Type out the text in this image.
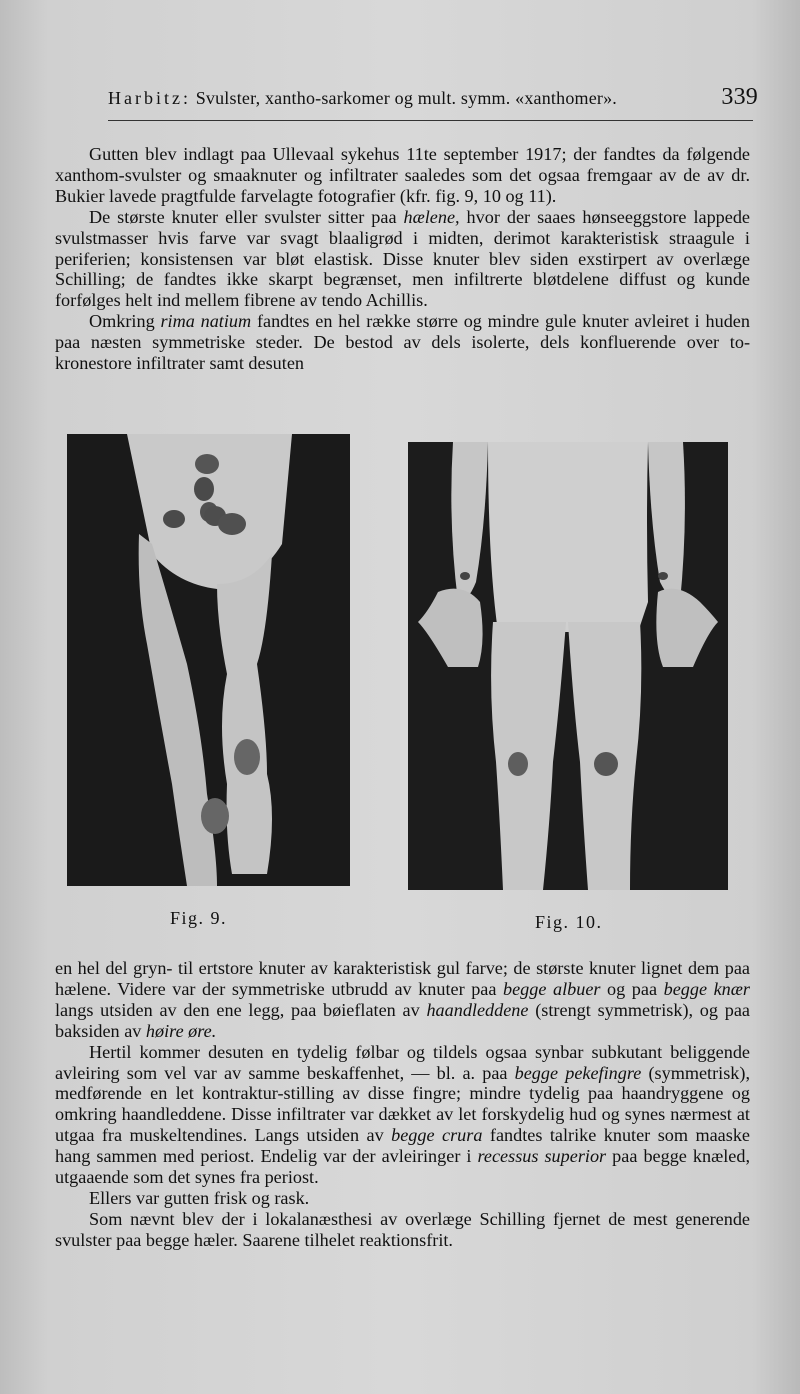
Harbitz: Svulster, xantho-sarkomer og mult. symm. «xanthomer».	339

Gutten blev indlagt paa Ullevaal sykehus 11te september 1917; der fandtes da følgende xanthom-svulster og smaaknuter og infiltrater saaledes som det ogsaa fremgaar av de av dr. Bukier lavede pragtfulde farvelagte fotografier (kfr. fig. 9, 10 og 11).

De største knuter eller svulster sitter paa hælene, hvor der saaes hønseeggstore lappede svulstmasser hvis farve var svagt blaaligrød i midten, derimot karakteristisk straagule i periferien; konsistensen var bløt elastisk. Disse knuter blev siden exstirpert av overlæge Schilling; de fandtes ikke skarpt begrænset, men infiltrerte bløtdelene diffust og kunde forfølges helt ind mellem fibrene av tendo Achillis.

Omkring rima natium fandtes en hel række større og mindre gule knuter avleiret i huden paa næsten symmetriske steder. De bestod av dels isolerte, dels konfluerende over to-kronestore infiltrater samt desuten

Fig. 9.	Fig. 10.

en hel del gryn- til ertstore knuter av karakteristisk gul farve; de største knuter lignet dem paa hælene. Videre var der symmetriske utbrudd av knuter paa begge albuer og paa begge knær langs utsiden av den ene legg, paa bøieflaten av haandleddene (strengt symmetrisk), og paa baksiden av høire øre.

Hertil kommer desuten en tydelig følbar og tildels ogsaa synbar subkutant beliggende avleiring som vel var av samme beskaffenhet, — bl. a. paa begge pekefingre (symmetrisk), medførende en let kontraktur-stilling av disse fingre; mindre tydelig paa haandryggene og omkring haandleddene. Disse infiltrater var dækket av let forskydelig hud og synes nærmest at utgaa fra muskeltendines. Langs utsiden av begge crura fandtes talrike knuter som maaske hang sammen med periost. Endelig var der avleiringer i recessus superior paa begge knæled, utgaaende som det synes fra periost.

Ellers var gutten frisk og rask.

Som nævnt blev der i lokalanæsthesi av overlæge Schilling fjernet de mest generende svulster paa begge hæler. Saarene tilhelet reaktionsfrit.
